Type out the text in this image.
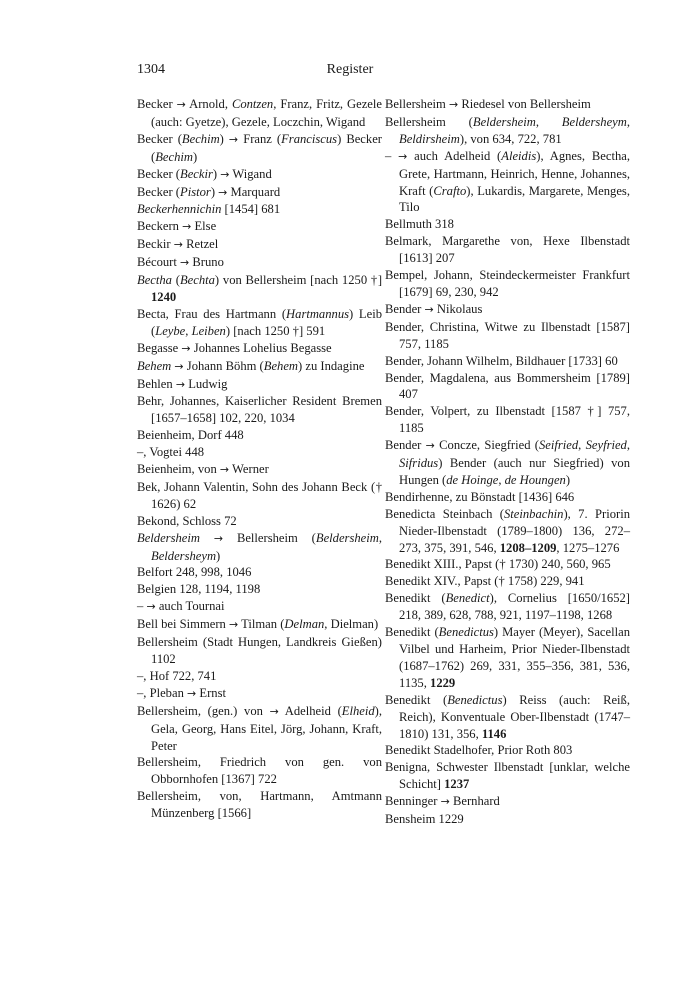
1304	Register

Becker → Arnold, Contzen, Franz, Fritz, Gezele (auch: Gyetze), Gezele, Loczchin, Wigand

Becker (Bechim) → Franz (Franciscus) Becker (Bechim)

Becker (Beckir) → Wigand

Becker (Pistor) → Marquard

Beckerhennichin [1454] 681

Beckern → Else

Beckir → Retzel

Bécourt → Bruno

Bectha (Bechta) von Bellersheim [nach 1250 †] 1240

Becta, Frau des Hartmann (Hartmannus) Leib (Leybe, Leiben) [nach 1250 †] 591

Begasse → Johannes Lohelius Begasse

Behem → Johann Böhm (Behem) zu Indagine

Behlen → Ludwig

Behr, Johannes, Kaiserlicher Resident Bremen [1657–1658] 102, 220, 1034

Beienheim, Dorf 448

–, Vogtei 448

Beienheim, von → Werner

Bek, Johann Valentin, Sohn des Johann Beck († 1626) 62

Bekond, Schloss 72

Beldersheim → Bellersheim (Beldersheim, Beldersheym)

Belfort 248, 998, 1046

Belgien 128, 1194, 1198

– → auch Tournai

Bell bei Simmern → Tilman (Delman, Dielman)

Bellersheim (Stadt Hungen, Landkreis Gießen) 1102

–, Hof 722, 741

–, Pleban → Ernst

Bellersheim, (gen.) von → Adelheid (Elheid), Gela, Georg, Hans Eitel, Jörg, Johann, Kraft, Peter

Bellersheim, Friedrich von gen. von Obbornhofen [1367] 722

Bellersheim, von, Hartmann, Amtmann Münzenberg [1566]

Bellersheim → Riedesel von Bellersheim

Bellersheim (Beldersheim, Beldersheym, Beldirsheim), von 634, 722, 781

– → auch Adelheid (Aleidis), Agnes, Bectha, Grete, Hartmann, Heinrich, Henne, Johannes, Kraft (Crafto), Lukardis, Margarete, Menges, Tilo

Bellmuth 318

Belmark, Margarethe von, Hexe Ilbenstadt [1613] 207

Bempel, Johann, Steindeckermeister Frankfurt [1679] 69, 230, 942

Bender → Nikolaus

Bender, Christina, Witwe zu Ilbenstadt [1587] 757, 1185

Bender, Johann Wilhelm, Bildhauer [1733] 60

Bender, Magdalena, aus Bommersheim [1789] 407

Bender, Volpert, zu Ilbenstadt [1587 †] 757, 1185

Bender → Concze, Siegfried (Seifried, Seyfried, Sifridus) Bender (auch nur Siegfried) von Hungen (de Hoinge, de Houngen)

Bendirhenne, zu Bönstadt [1436] 646

Benedicta Steinbach (Steinbachin), 7. Priorin Nieder-Ilbenstadt (1789–1800) 136, 272–273, 375, 391, 546, 1208–1209, 1275–1276

Benedikt XIII., Papst († 1730) 240, 560, 965

Benedikt XIV., Papst († 1758) 229, 941

Benedikt (Benedict), Cornelius [1650/1652] 218, 389, 628, 788, 921, 1197–1198, 1268

Benedikt (Benedictus) Mayer (Meyer), Sacellan Vilbel und Harheim, Prior Nieder-Ilbenstadt (1687–1762) 269, 331, 355–356, 381, 536, 1135, 1229

Benedikt (Benedictus) Reiss (auch: Reiß, Reich), Konventuale Ober-Ilbenstadt (1747–1810) 131, 356, 1146

Benedikt Stadelhofer, Prior Roth 803

Benigna, Schwester Ilbenstadt [unklar, welche Schicht] 1237

Benninger → Bernhard

Bensheim 1229
